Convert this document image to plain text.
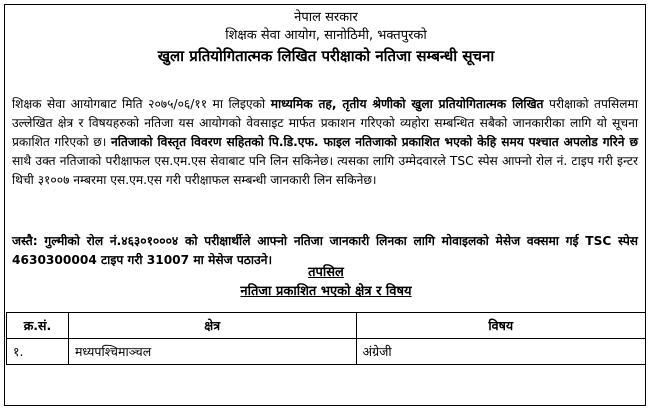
नेपाल सरकार
शिक्षक सेवा आयोग, सानोठिमी, भक्तपुरको
खुला प्रतियोगितात्मक लिखित परीक्षाको नतिजा सम्बन्धी सूचना
शिक्षक सेवा आयोगबाट मिति २०७५/०६/११ मा लिइएको माध्यमिक तह, तृतीय श्रेणीको खुला प्रतियोगितात्मक लिखित परीक्षाको तपसिलमा उल्लेखित क्षेत्र र विषयहरुको नतिजा यस आयोगको वेवसाइट मार्फत प्रकाशन गरिएको व्यहोरा सम्बन्धित सबैको जानकारीका लागि यो सूचना प्रकाशित गरिएको छ। नतिजाको विस्तृत विवरण सहितको पि.डि.एफ. फाइल नतिजाको प्रकाशित भएको केहि समय पश्चात अपलोड गरिने छ साथै उक्त नतिजाको परीक्षाफल एस.एम.एस सेवाबाट पनि लिन सकिनेछ। त्यसका लागि उम्मेदवारले TSC स्पेस आफ्नो रोल नं. टाइप गरी इन्टर थिची ३१००७ नम्बरमा एस.एम.एस गरी परीक्षाफल सम्बन्धी जानकारी लिन सकिनेछ।
जस्तै: गुल्मीको रोल नं.४६३०१०००४ को परीक्षार्थीले आफ्नो नतिजा जानकारी लिनका लागि मोवाइलको मेसेज वक्समा गई TSC स्पेस 4630300004 टाइप गरी 31007 मा मेसेज पठाउने।
तपसिल
नतिजा प्रकाशित भएको क्षेत्र र विषय
क्र.सं.	क्षेत्र	विषय
१.	मध्यपश्चिमाञ्चल	अंग्रेजी
